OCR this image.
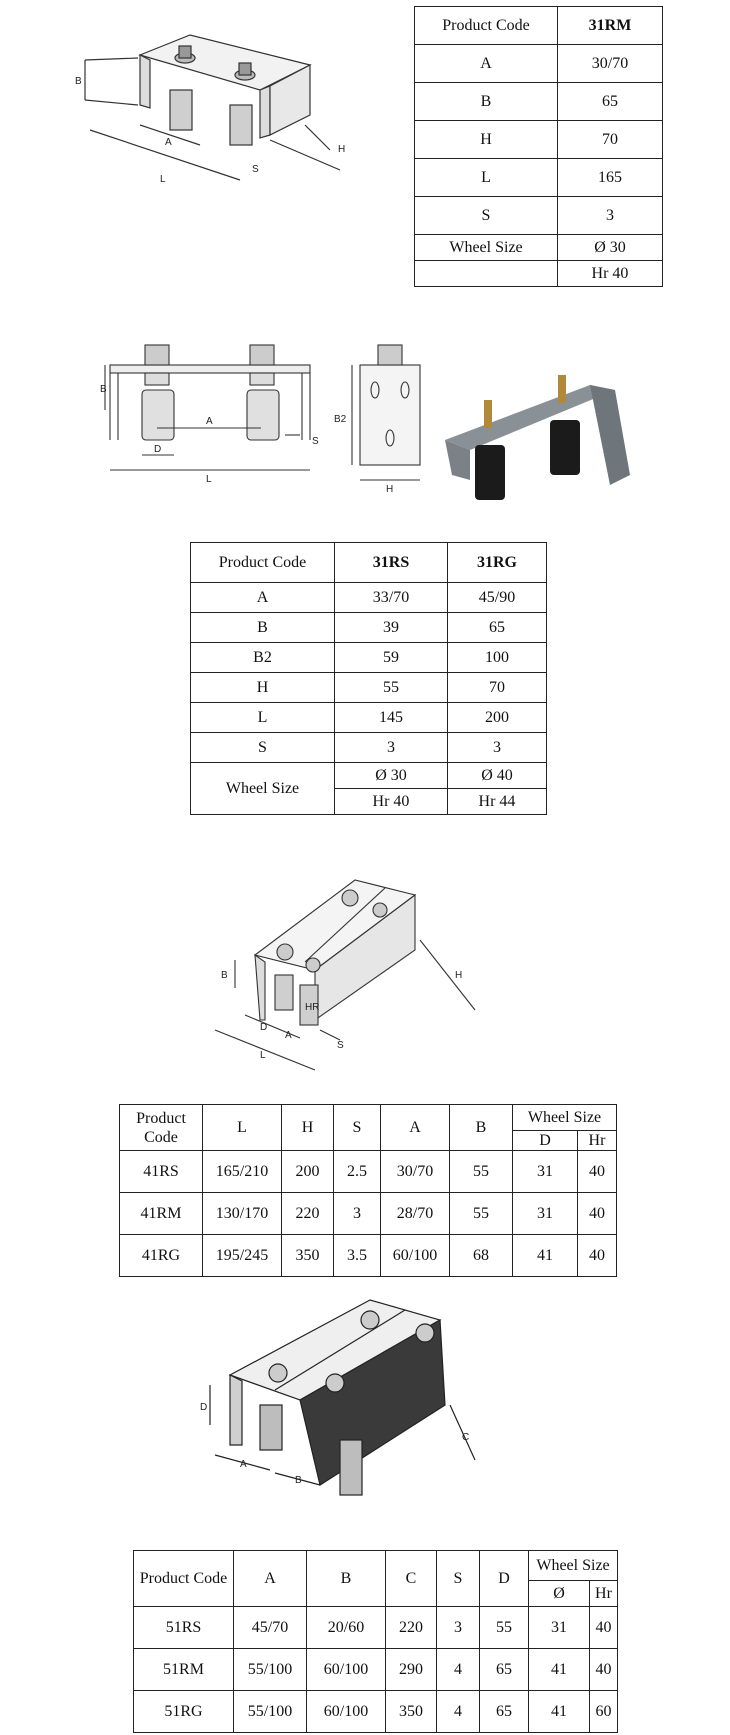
B
A
L
S
H
Product Code	31RM
A	30/70
B	65
H	70
L	165
S	3
Wheel Size	Ø 30
	Hr 40
B
A
D
L
S
B2
H
Product Code	31RS	31RG
A	33/70	45/90
B	39	65
B2	59	100
H	55	70
L	145	200
S	3	3
Wheel Size	Ø 30	Ø 40
	Hr 40	Hr 44
B
HR
D
A
L
S
H
Product Code	L	H	S	A	B	Wheel Size	
						D	Hr
41RS	165/210	200	2.5	30/70	55	31	40
41RM	130/170	220	3	28/70	55	31	40
41RG	195/245	350	3.5	60/100	68	41	40
D
A
B
C
Product Code	A	B	C	S	D	Wheel Size	
						Ø	Hr
51RS	45/70	20/60	220	3	55	31	40
51RM	55/100	60/100	290	4	65	41	40
51RG	55/100	60/100	350	4	65	41	60
